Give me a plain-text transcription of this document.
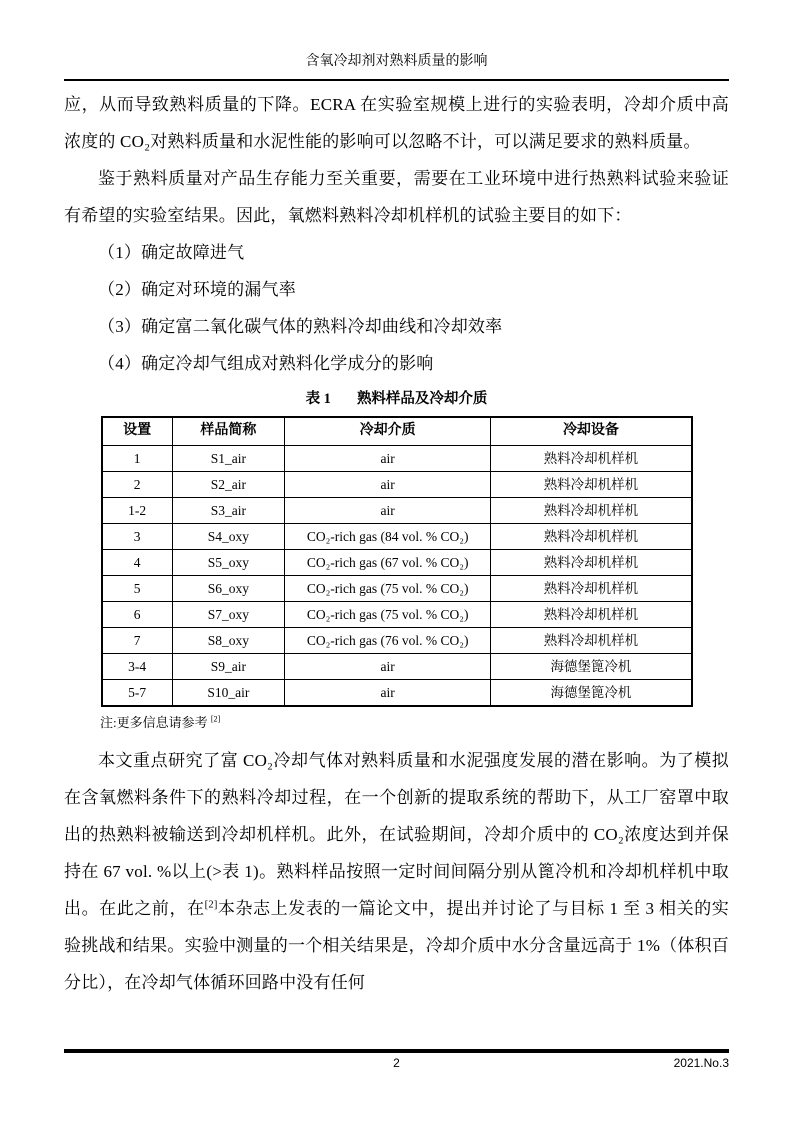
含氧冷却剂对熟料质量的影响
应，从而导致熟料质量的下降。ECRA 在实验室规模上进行的实验表明，冷却介质中高浓度的 CO₂对熟料质量和水泥性能的影响可以忽略不计，可以满足要求的熟料质量。
鉴于熟料质量对产品生存能力至关重要，需要在工业环境中进行热熟料试验来验证有希望的实验室结果。因此，氧燃料熟料冷却机样机的试验主要目的如下：
（1）确定故障进气
（2）确定对环境的漏气率
（3）确定富二氧化碳气体的熟料冷却曲线和冷却效率
（4）确定冷却气组成对熟料化学成分的影响
表 1 熟料样品及冷却介质
设置	样品简称	冷却介质	冷却设备
1	S1_air	air	熟料冷却机样机
2	S2_air	air	熟料冷却机样机
1-2	S3_air	air	熟料冷却机样机
3	S4_oxy	CO₂-rich gas (84 vol. % CO₂)	熟料冷却机样机
4	S5_oxy	CO₂-rich gas (67 vol. % CO₂)	熟料冷却机样机
5	S6_oxy	CO₂-rich gas (75 vol. % CO₂)	熟料冷却机样机
6	S7_oxy	CO₂-rich gas (75 vol. % CO₂)	熟料冷却机样机
7	S8_oxy	CO₂-rich gas (76 vol. % CO₂)	熟料冷却机样机
3-4	S9_air	air	海德堡篦冷机
5-7	S10_air	air	海德堡篦冷机
注:更多信息请参考 [2]
本文重点研究了富 CO₂冷却气体对熟料质量和水泥强度发展的潜在影响。为了模拟在含氧燃料条件下的熟料冷却过程，在一个创新的提取系统的帮助下，从工厂窑罩中取出的热熟料被输送到冷却机样机。此外，在试验期间，冷却介质中的 CO₂浓度达到并保持在 67 vol. %以上(>表 1)。熟料样品按照一定时间间隔分别从篦冷机和冷却机样机中取出。在此之前，在[2]本杂志上发表的一篇论文中，提出并讨论了与目标 1 至 3 相关的实验挑战和结果。实验中测量的一个相关结果是，冷却介质中水分含量远高于 1%（体积百分比），在冷却气体循环回路中没有任何
2	2021.No.3
